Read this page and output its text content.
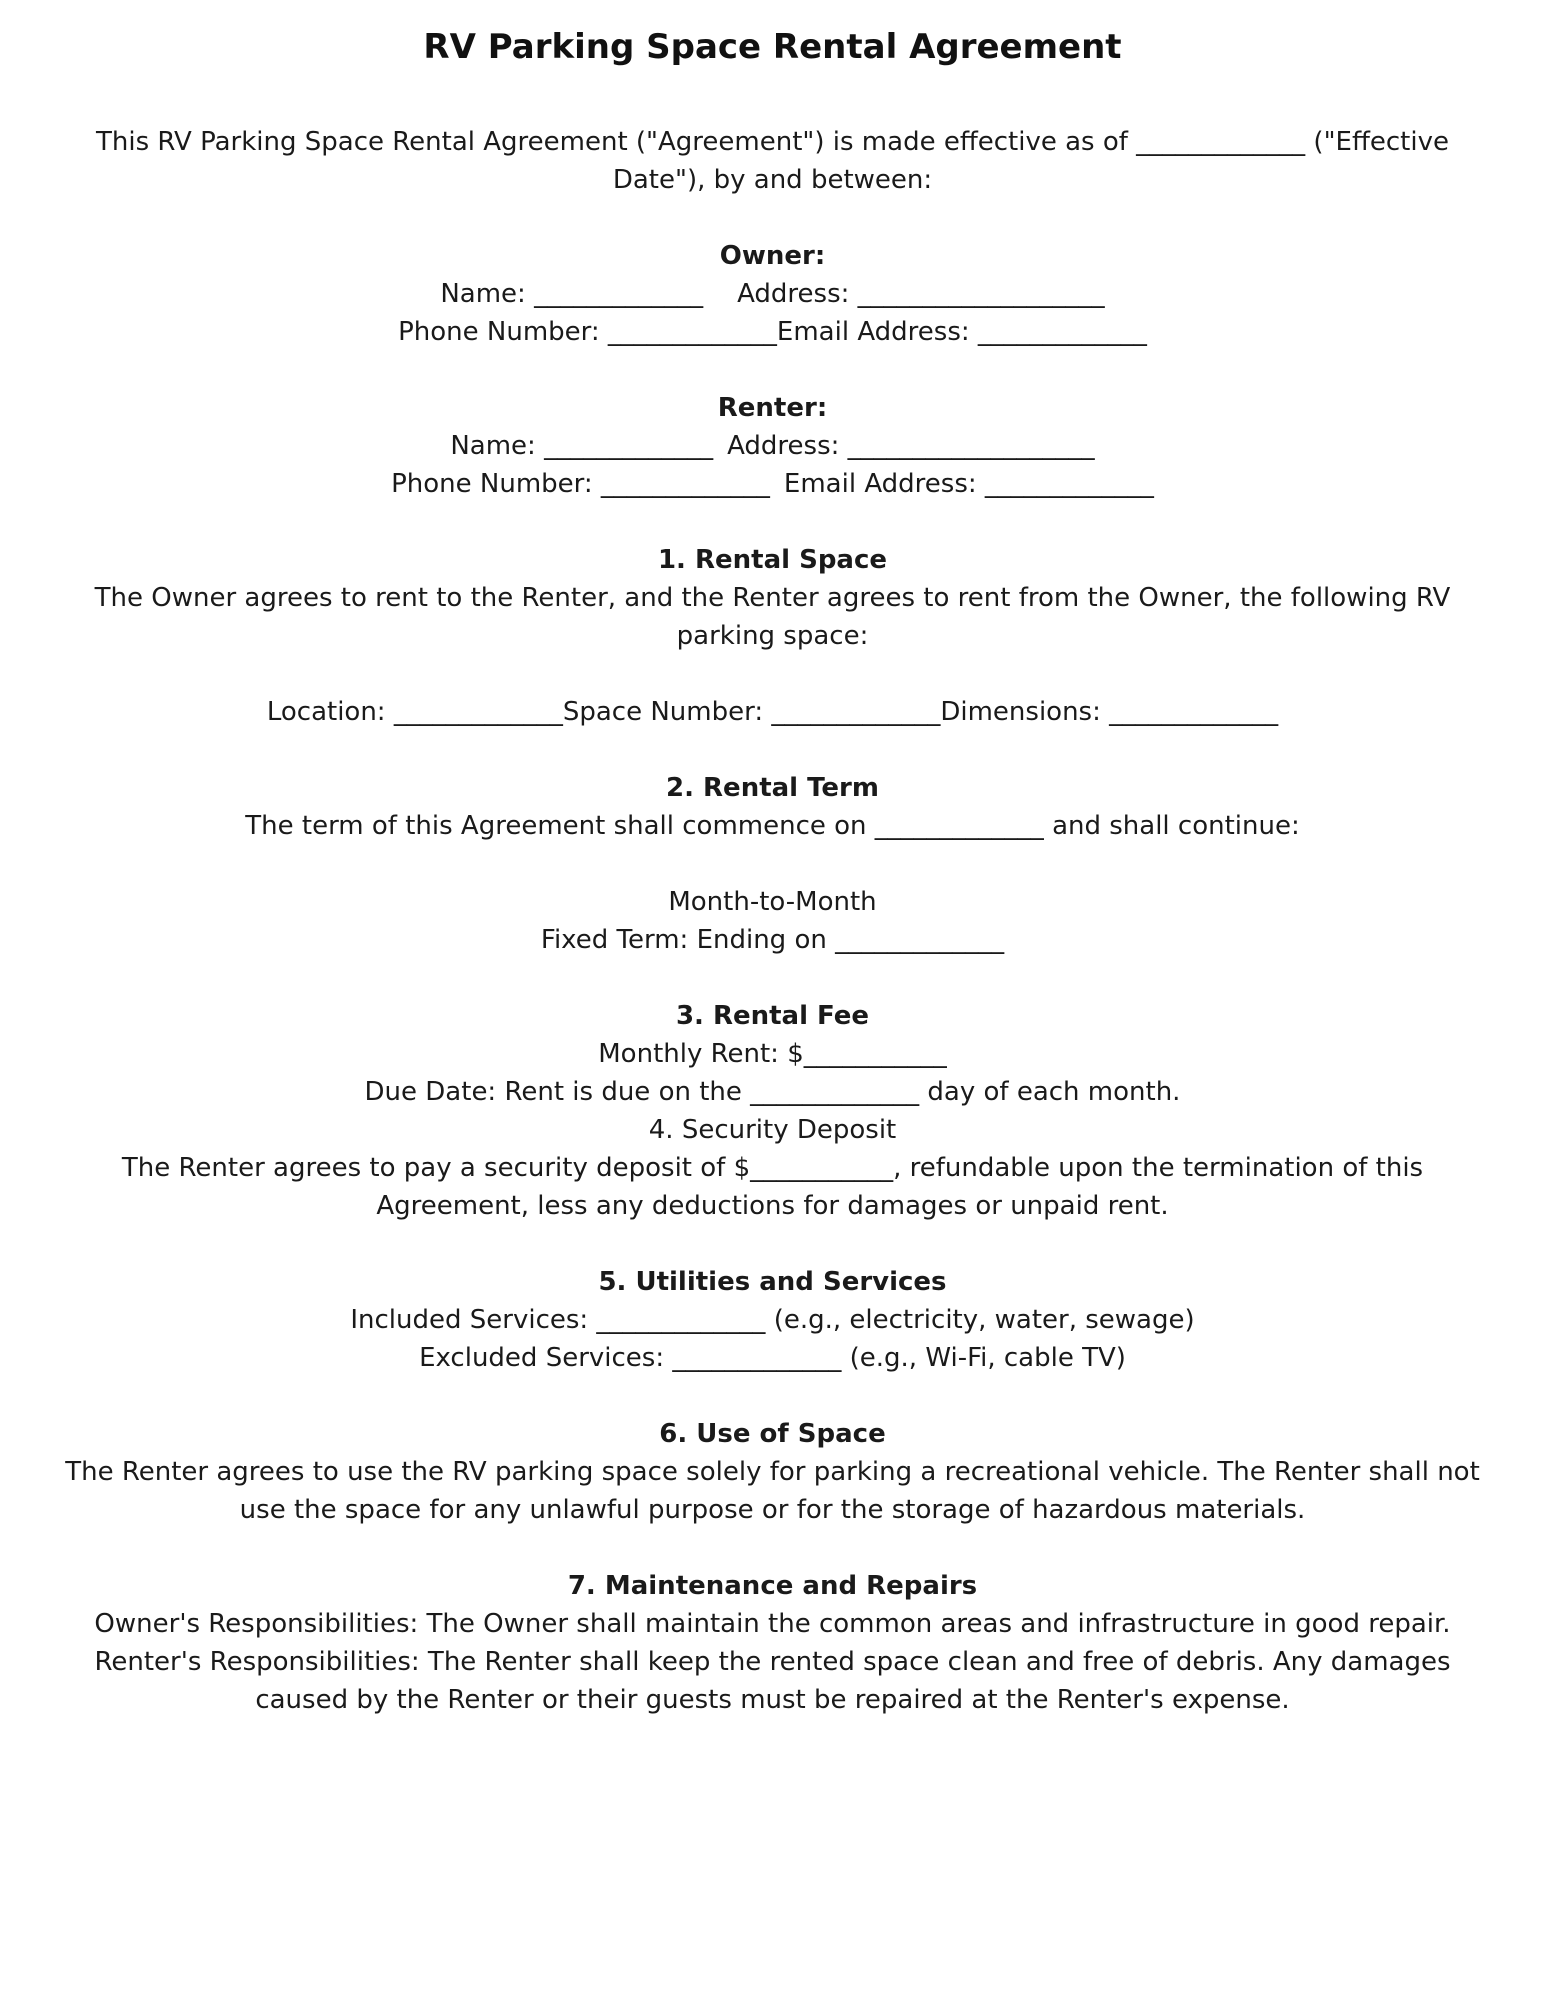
RV Parking Space Rental Agreement
This RV Parking Space Rental Agreement ("Agreement") is made effective as of _____________ ("Effective
Date"), by and between:
Owner:
Name: _____________ Address: ___________________
Phone Number: _____________Email Address: _____________
Renter:
Name: _____________ Address: ___________________
Phone Number: _____________ Email Address: _____________
1. Rental Space
The Owner agrees to rent to the Renter, and the Renter agrees to rent from the Owner, the following RV
parking space:
Location: _____________Space Number: _____________Dimensions: _____________
2. Rental Term
The term of this Agreement shall commence on _____________ and shall continue:
Month-to-Month
Fixed Term: Ending on _____________
3. Rental Fee
Monthly Rent: $___________
Due Date: Rent is due on the _____________ day of each month.
4. Security Deposit
The Renter agrees to pay a security deposit of $___________, refundable upon the termination of this
Agreement, less any deductions for damages or unpaid rent.
5. Utilities and Services
Included Services: _____________ (e.g., electricity, water, sewage)
Excluded Services: _____________ (e.g., Wi-Fi, cable TV)
6. Use of Space
The Renter agrees to use the RV parking space solely for parking a recreational vehicle. The Renter shall not
use the space for any unlawful purpose or for the storage of hazardous materials.
7. Maintenance and Repairs
Owner's Responsibilities: The Owner shall maintain the common areas and infrastructure in good repair.
Renter's Responsibilities: The Renter shall keep the rented space clean and free of debris. Any damages
caused by the Renter or their guests must be repaired at the Renter's expense.
